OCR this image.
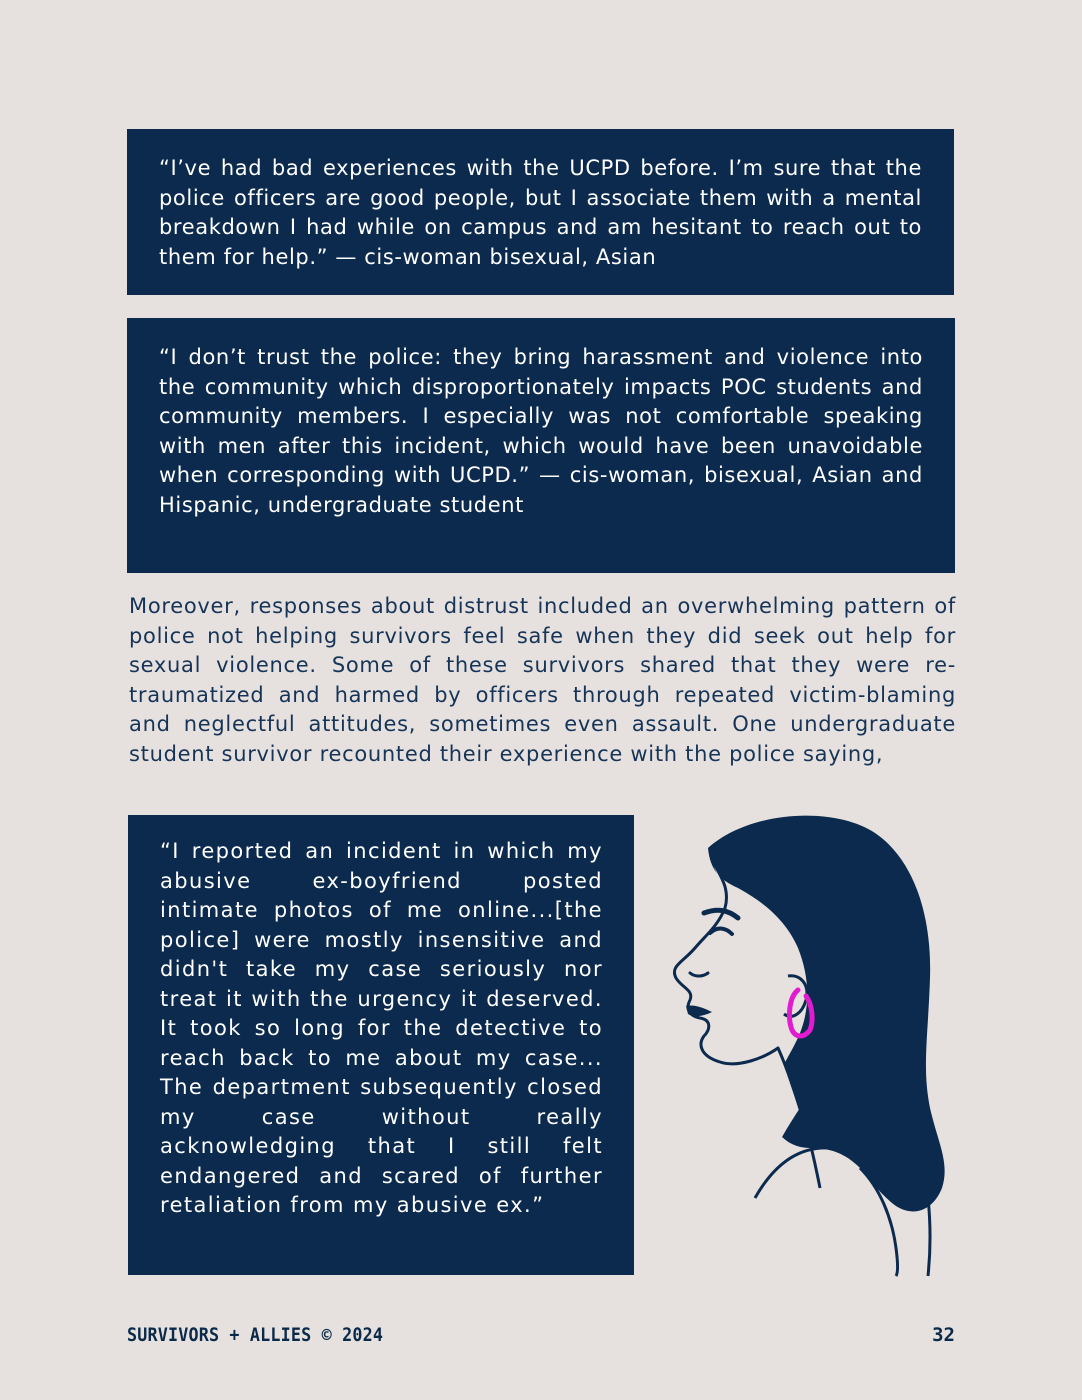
“I’ve had bad experiences with the UCPD before. I’m sure that the police officers are good people, but I associate them with a mental breakdown I had while on campus and am hesitant to reach out to them for help.” — cis-woman bisexual, Asian

“I don’t trust the police: they bring harassment and violence into the community which disproportionately impacts POC students and community members. I especially was not comfortable speaking with men after this incident, which would have been unavoidable when corresponding with UCPD.” — cis-woman, bisexual, Asian and Hispanic, undergraduate student

Moreover, responses about distrust included an overwhelming pattern of police not helping survivors feel safe when they did seek out help for sexual violence. Some of these survivors shared that they were re-traumatized and harmed by officers through repeated victim-blaming and neglectful attitudes, sometimes even assault. One undergraduate student survivor recounted their experience with the police saying,

“I reported an incident in which my abusive ex-boyfriend posted intimate photos of me online...[the police] were mostly insensitive and didn't take my case seriously nor treat it with the urgency it deserved. It took so long for the detective to reach back to me about my case... The department subsequently closed my case without really acknowledging that I still felt endangered and scared of further retaliation from my abusive ex.”

SURVIVORS + ALLIES © 2024	32
